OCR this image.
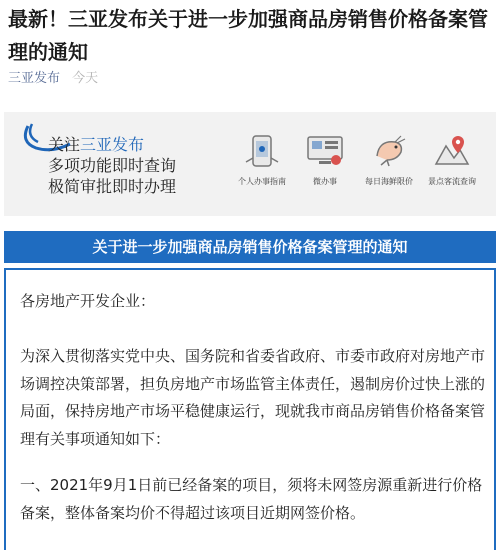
最新！三亚发布关于进一步加强商品房销售价格备案管理的通知
三亚发布 今天
关注三亚发布
多项功能即时查询
极简审批即时办理	个人办事指南	微办事	每日海鲜限价	景点客流查询
关于进一步加强商品房销售价格备案管理的通知
各房地产开发企业：
为深入贯彻落实党中央、国务院和省委省政府、市委市政府对房地产市场调控决策部署，担负房地产市场监管主体责任，遏制房价过快上涨的局面，保持房地产市场平稳健康运行，现就我市商品房销售价格备案管理有关事项通知如下：
一、2021年9月1日前已经备案的项目，须将未网签房源重新进行价格备案，整体备案均价不得超过该项目近期网签价格。
